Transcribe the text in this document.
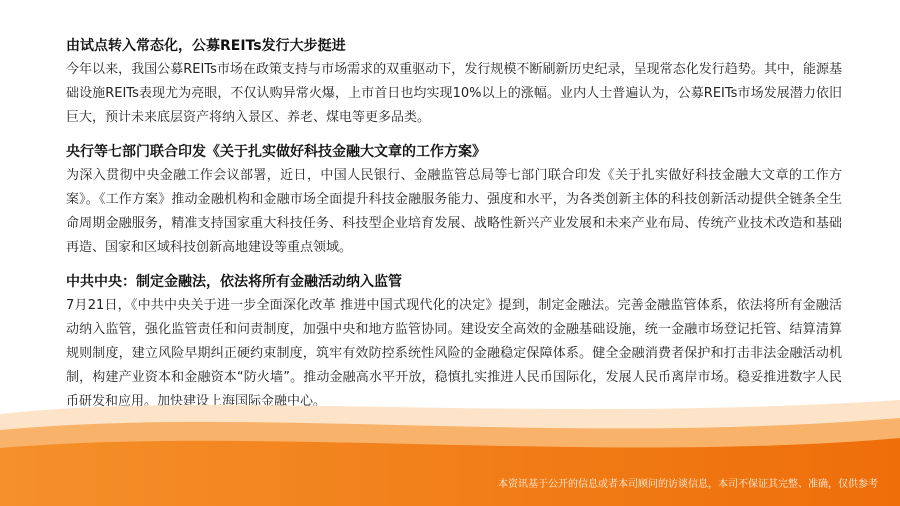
由试点转入常态化，公募REITs发行大步挺进

今年以来，我国公募REITs市场在政策支持与市场需求的双重驱动下，发行规模不断刷新历史纪录，呈现常态化发行趋势。其中，能源基础设施REITs表现尤为亮眼，不仅认购异常火爆，上市首日也均实现10%以上的涨幅。业内人士普遍认为，公募REITs市场发展潜力依旧巨大，预计未来底层资产将纳入景区、养老、煤电等更多品类。

央行等七部门联合印发《关于扎实做好科技金融大文章的工作方案》

为深入贯彻中央金融工作会议部署，近日，中国人民银行、金融监管总局等七部门联合印发《关于扎实做好科技金融大文章的工作方案》。《工作方案》推动金融机构和金融市场全面提升科技金融服务能力、强度和水平，为各类创新主体的科技创新活动提供全链条全生命周期金融服务，精准支持国家重大科技任务、科技型企业培育发展、战略性新兴产业发展和未来产业布局、传统产业技术改造和基础再造、国家和区域科技创新高地建设等重点领域。

中共中央：制定金融法，依法将所有金融活动纳入监管

7月21日，《中共中央关于进一步全面深化改革 推进中国式现代化的决定》提到，制定金融法。完善金融监管体系，依法将所有金融活动纳入监管，强化监管责任和问责制度，加强中央和地方监管协同。建设安全高效的金融基础设施，统一金融市场登记托管、结算清算规则制度，建立风险早期纠正硬约束制度，筑牢有效防控系统性风险的金融稳定保障体系。健全金融消费者保护和打击非法金融活动机制，构建产业资本和金融资本“防火墙”。推动金融高水平开放，稳慎扎实推进人民币国际化，发展人民币离岸市场。稳妥推进数字人民币研发和应用。加快建设上海国际金融中心。

本资讯基于公开的信息或者本司顾问的访谈信息，本司不保证其完整、准确，仅供参考
